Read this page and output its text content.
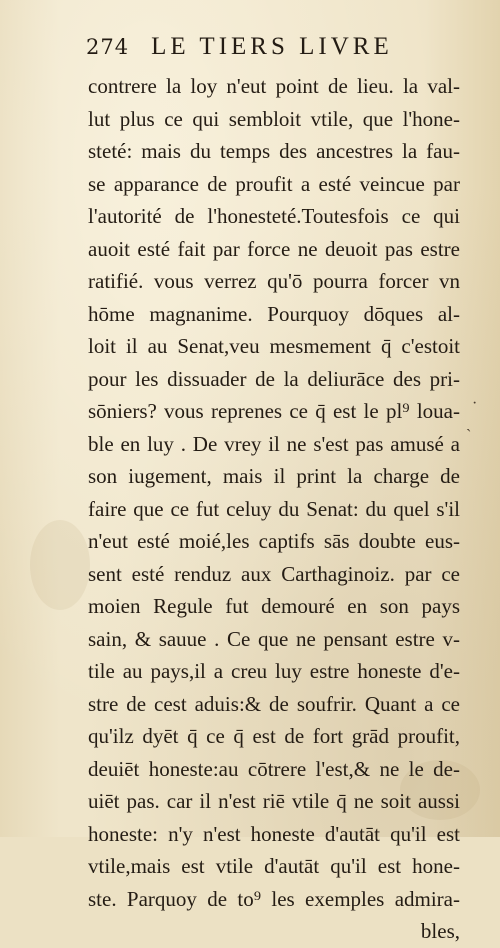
274 LE TIERS LIVRE
contrere la loy n'eut point de lieu. la val-
lut plus ce qui sembloit vtile, que l'hone-
steté: mais du temps des ancestres la fau-
se apparance de proufit a esté veincue par
l'autorité de l'honesteté.Toutesfois ce qui
auoit esté fait par force ne deuoit pas estre
ratifié. vous verrez qu'ō pourra forcer vn
hōme magnanime. Pourquoy dōques al-
loit il au Senat,veu mesmement q̄ c'estoit
pour les dissuader de la deliurāce des pri-
sōniers? vous reprenes ce q̄ est le pl⁹ loua-
ble en luy . De vrey il ne s'est pas amusé a
son iugement, mais il print la charge de
faire que ce fut celuy du Senat: du quel s'il
n'eut esté moié,les captifs sās doubte eus-
sent esté renduz aux Carthaginoiz. par ce
moien Regule fut demouré en son pays
sain, & sauue . Ce que ne pensant estre v-
tile au pays,il a creu luy estre honeste d'e-
stre de cest aduis:& de soufrir. Quant a ce
qu'ilz dyēt q̄ ce q̄ est de fort grād proufit,
deuiēt honeste:au cōtrere l'est,& ne le de-
uiēt pas. car il n'est riē vtile q̄ ne soit aussi
honeste: n'y n'est honeste d'autāt qu'il est
vtile,mais est vtile d'autāt qu'il est hone-
ste. Parquoy de to⁹ les exemples admira-
bles,
·
ˎ
